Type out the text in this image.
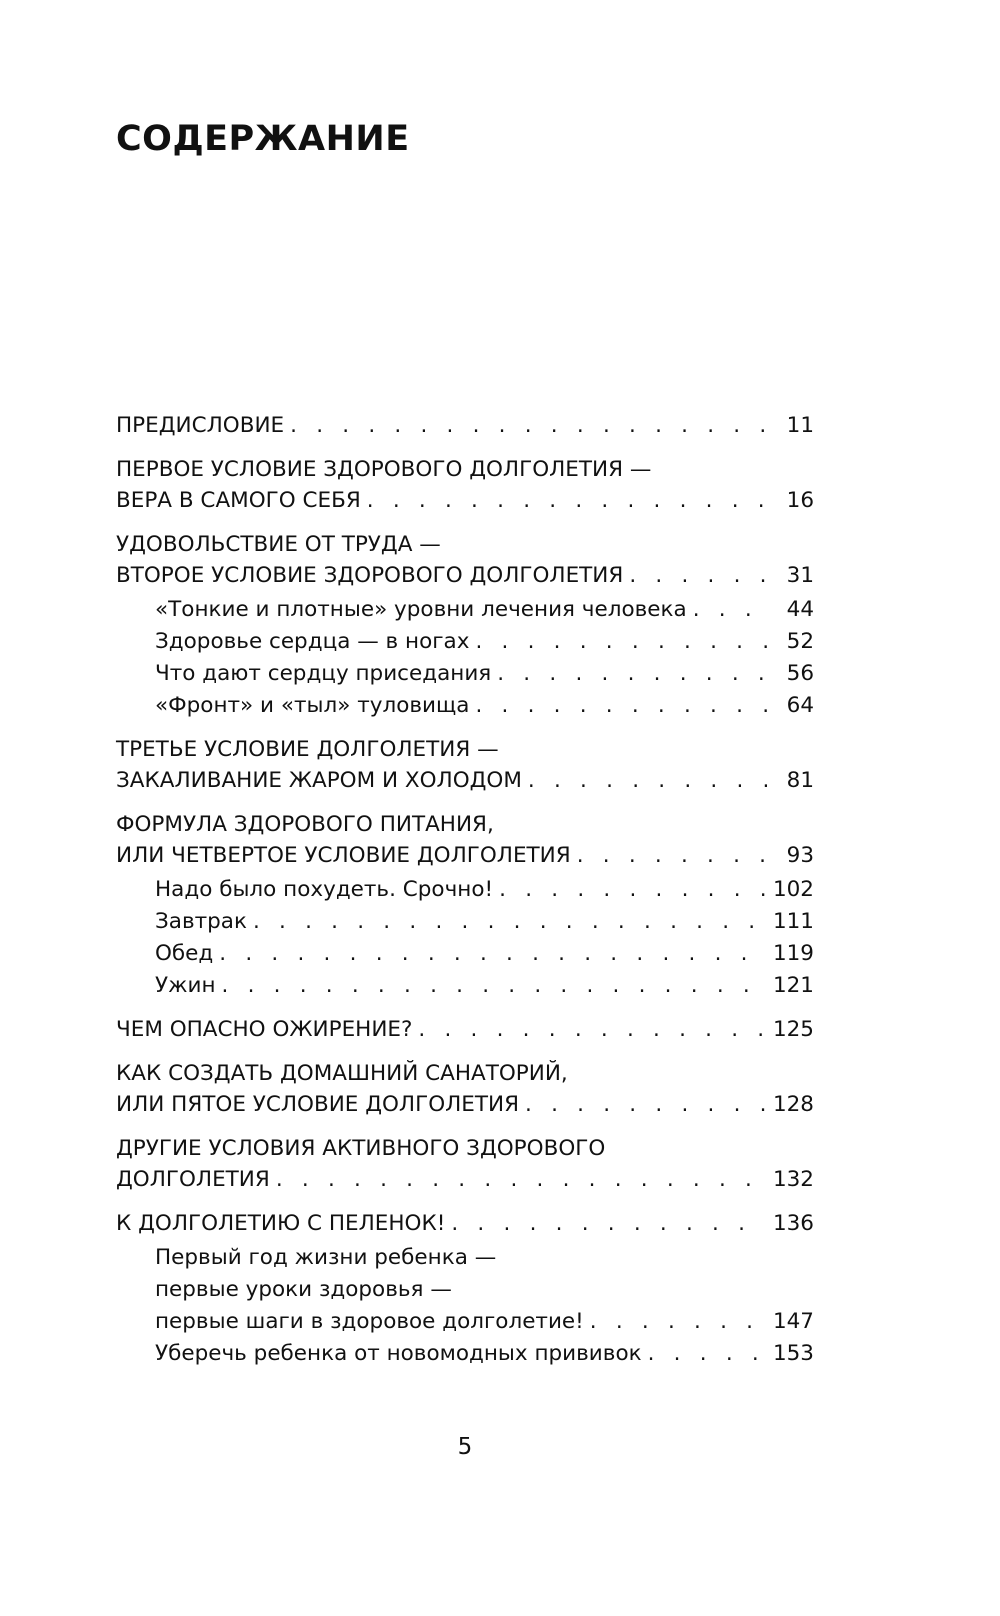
СОДЕРЖАНИЕ
ПРЕДИСЛОВИЕ . . .	11
ПЕРВОЕ УСЛОВИЕ ЗДОРОВОГО ДОЛГОЛЕТИЯ —
ВЕРА В САМОГО СЕБЯ . . .	16
УДОВОЛЬСТВИЕ ОТ ТРУДА —
ВТОРОЕ УСЛОВИЕ ЗДОРОВОГО ДОЛГОЛЕТИЯ . . .	31
«Тонкие и плотные» уровни лечения человека . . .	44
Здоровье сердца — в ногах . . .	52
Что дают сердцу приседания . . .	56
«Фронт» и «тыл» туловища . . .	64
ТРЕТЬЕ УСЛОВИЕ ДОЛГОЛЕТИЯ —
ЗАКАЛИВАНИЕ ЖАРОМ И ХОЛОДОМ . . .	81
ФОРМУЛА ЗДОРОВОГО ПИТАНИЯ,
ИЛИ ЧЕТВЕРТОЕ УСЛОВИЕ ДОЛГОЛЕТИЯ . . .	93
Надо было похудеть. Срочно! . . .	102
Завтрак . . .	111
Обед . . .	119
Ужин . . .	121
ЧЕМ ОПАСНО ОЖИРЕНИЕ? . . .	125
КАК СОЗДАТЬ ДОМАШНИЙ САНАТОРИЙ,
ИЛИ ПЯТОЕ УСЛОВИЕ ДОЛГОЛЕТИЯ . . .	128
ДРУГИЕ УСЛОВИЯ АКТИВНОГО ЗДОРОВОГО
ДОЛГОЛЕТИЯ . . .	132
К ДОЛГОЛЕТИЮ С ПЕЛЕНОК! . . .	136
Первый год жизни ребенка —
первые уроки здоровья —
первые шаги в здоровое долголетие! . . .	147
Уберечь ребенка от новомодных прививок . . .	153
5
